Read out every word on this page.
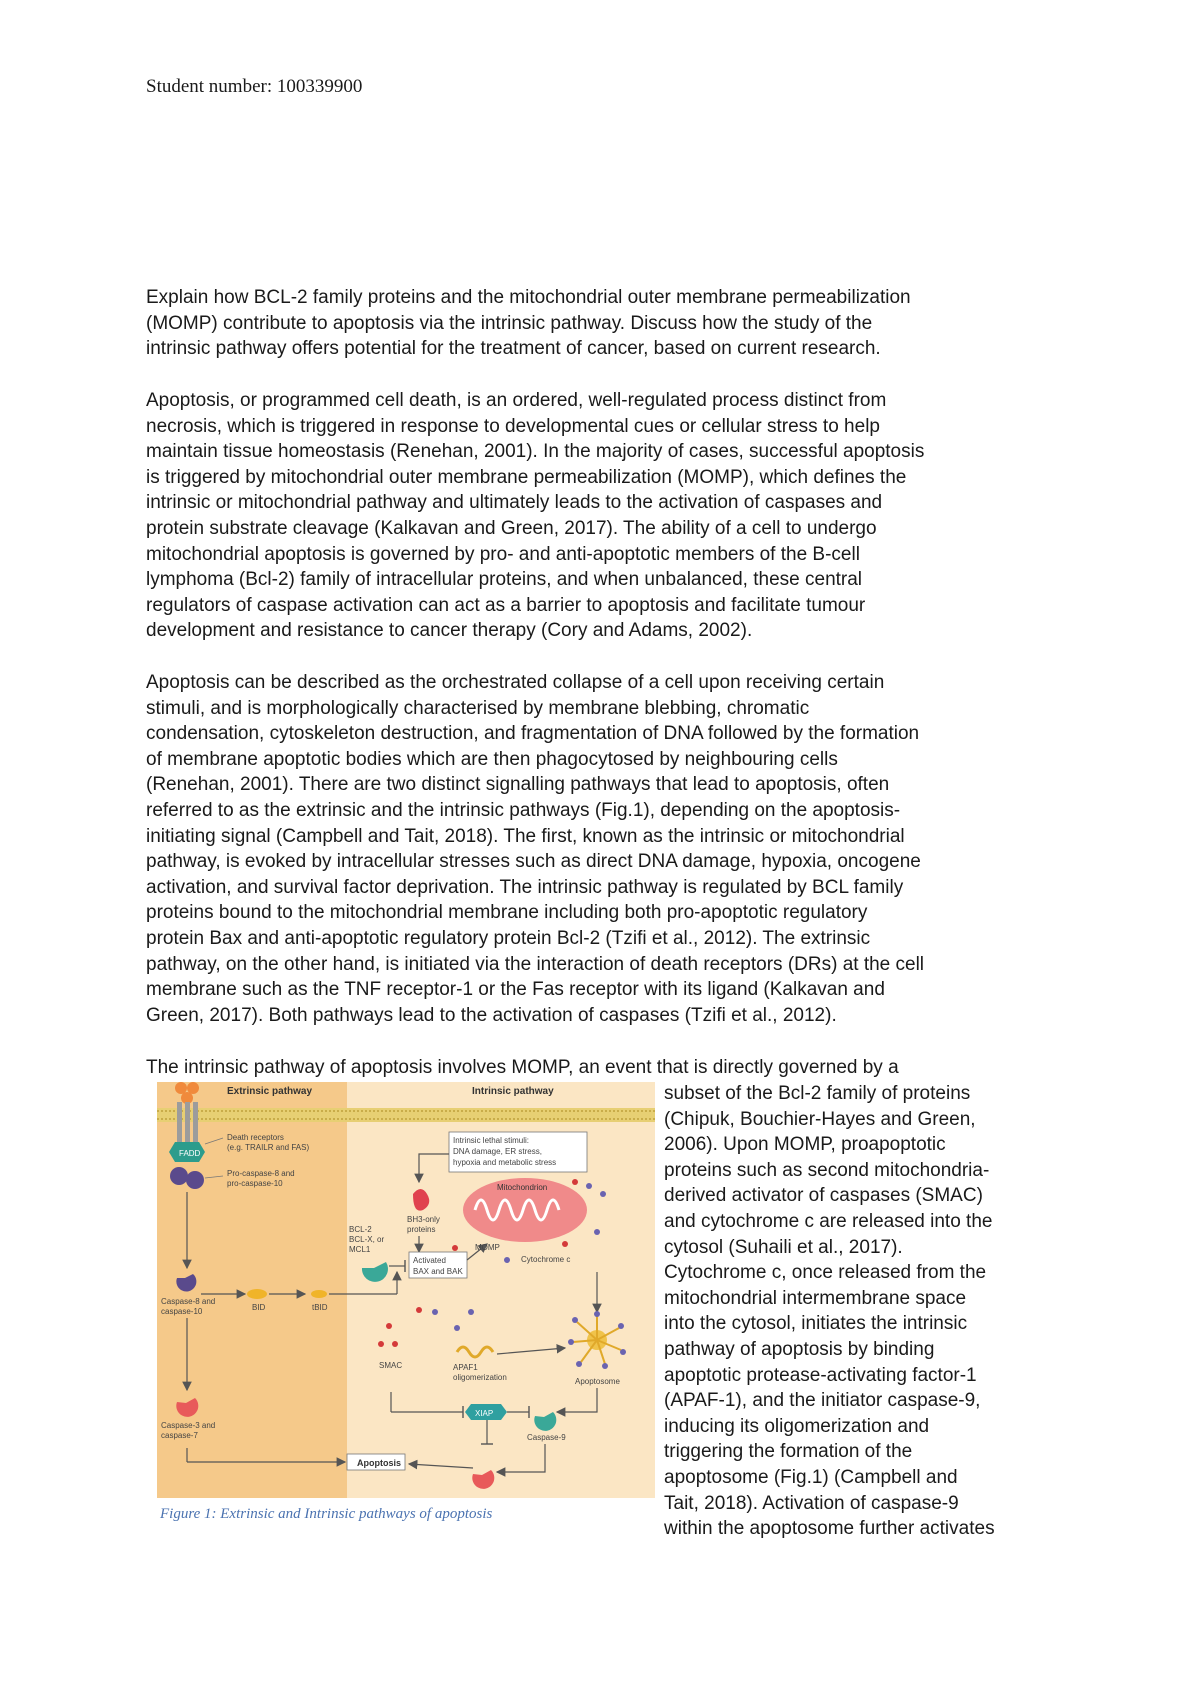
Student number: 100339900
Explain how BCL-2 family proteins and the mitochondrial outer membrane permeabilization
(MOMP) contribute to apoptosis via the intrinsic pathway. Discuss how the study of the
intrinsic pathway offers potential for the treatment of cancer, based on current research.
Apoptosis, or programmed cell death, is an ordered, well-regulated process distinct from
necrosis, which is triggered in response to developmental cues or cellular stress to help
maintain tissue homeostasis (Renehan, 2001). In the majority of cases, successful apoptosis
is triggered by mitochondrial outer membrane permeabilization (MOMP), which defines the
intrinsic or mitochondrial pathway and ultimately leads to the activation of caspases and
protein substrate cleavage (Kalkavan and Green, 2017). The ability of a cell to undergo
mitochondrial apoptosis is governed by pro- and anti-apoptotic members of the B-cell
lymphoma (Bcl-2) family of intracellular proteins, and when unbalanced, these central
regulators of caspase activation can act as a barrier to apoptosis and facilitate tumour
development and resistance to cancer therapy (Cory and Adams, 2002).
Apoptosis can be described as the orchestrated collapse of a cell upon receiving certain
stimuli, and is morphologically characterised by membrane blebbing, chromatic
condensation, cytoskeleton destruction, and fragmentation of DNA followed by the formation
of membrane apoptotic bodies which are then phagocytosed by neighbouring cells
(Renehan, 2001). There are two distinct signalling pathways that lead to apoptosis, often
referred to as the extrinsic and the intrinsic pathways (Fig.1), depending on the apoptosis-
initiating signal (Campbell and Tait, 2018). The first, known as the intrinsic or mitochondrial
pathway, is evoked by intracellular stresses such as direct DNA damage, hypoxia, oncogene
activation, and survival factor deprivation. The intrinsic pathway is regulated by BCL family
proteins bound to the mitochondrial membrane including both pro-apoptotic regulatory
protein Bax and anti-apoptotic regulatory protein Bcl-2 (Tzifi et al., 2012). The extrinsic
pathway, on the other hand, is initiated via the interaction of death receptors (DRs) at the cell
membrane such as the TNF receptor-1 or the Fas receptor with its ligand (Kalkavan and
Green, 2017). Both pathways lead to the activation of caspases (Tzifi et al., 2012).
The intrinsic pathway of apoptosis involves MOMP, an event that is directly governed by a
subset of the Bcl-2 family of proteins
(Chipuk, Bouchier-Hayes and Green,
2006). Upon MOMP, proapoptotic
proteins such as second mitochondria-
derived activator of caspases (SMAC)
and cytochrome c are released into the
cytosol (Suhaili et al., 2017).
Cytochrome c, once released from the
mitochondrial intermembrane space
into the cytosol, initiates the intrinsic
pathway of apoptosis by binding
apoptotic protease-activating factor-1
(APAF-1), and the initiator caspase-9,
inducing its oligomerization and
triggering the formation of the
apoptosome (Fig.1) (Campbell and
Tait, 2018). Activation of caspase-9
within the apoptosome further activates
Extrinsic pathway	Intrinsic pathway
FADD
Death receptors
(e.g. TRAILR and FAS)
Pro-caspase-8 and
pro-caspase-10
Caspase-8 and
caspase-10
Caspase-3 and
caspase-7
BID	tBID
Intrinsic lethal stimuli:
DNA damage, ER stress,
hypoxia and metabolic stress
BH3-only
proteins
BCL-2
BCL-X, or
MCL1
Activated
BAX and BAK
Mitochondrion
MOMP
Cytochrome c
Apoptosome
APAF1
oligomerization
SMAC
XIAP
Caspase-9
Apoptosis
Figure 1: Extrinsic and Intrinsic pathways of apoptosis
